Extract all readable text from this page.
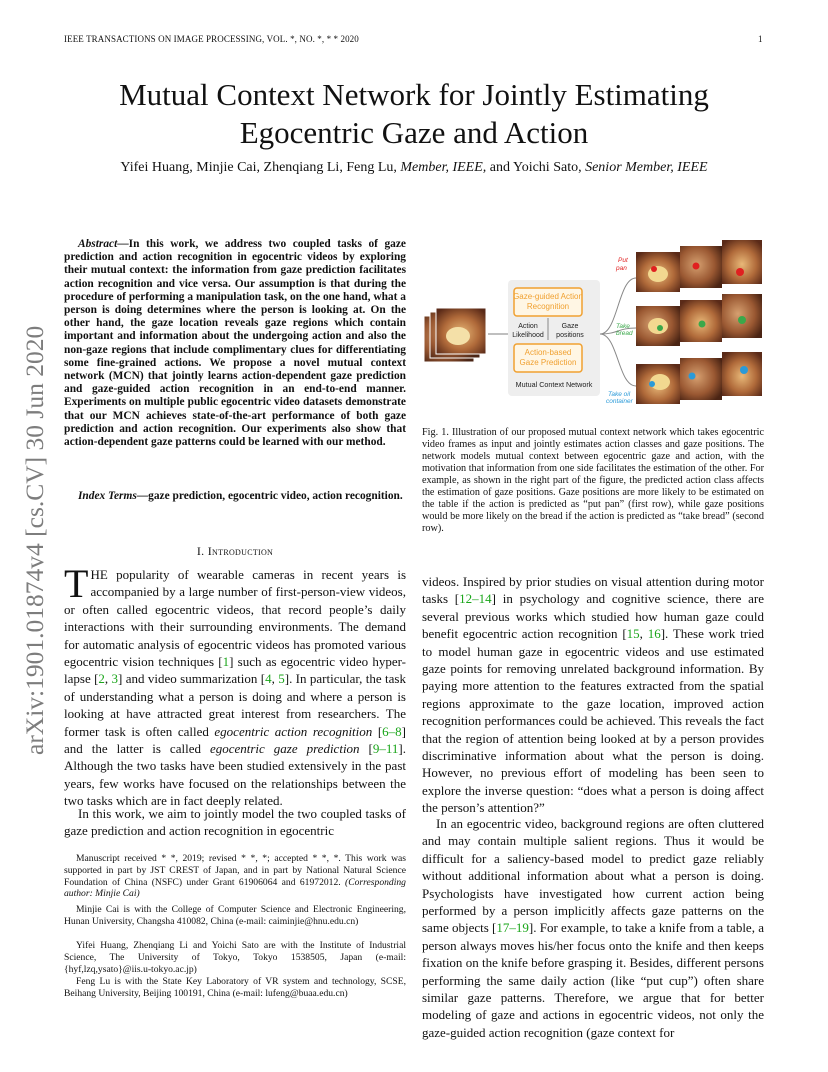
IEEE TRANSACTIONS ON IMAGE PROCESSING, VOL. *, NO. *, * * 2020	1
arXiv:1901.01874v4 [cs.CV] 30 Jun 2020
Mutual Context Network for Jointly Estimating Egocentric Gaze and Action
Yifei Huang, Minjie Cai, Zhenqiang Li, Feng Lu, Member, IEEE, and Yoichi Sato, Senior Member, IEEE
Abstract—In this work, we address two coupled tasks of gaze prediction and action recognition in egocentric videos by exploring their mutual context: the information from gaze prediction facilitates action recognition and vice versa. Our assumption is that during the procedure of performing a manipulation task, on the one hand, what a person is doing determines where the person is looking at. On the other hand, the gaze location reveals gaze regions which contain important and information about the undergoing action and also the non-gaze regions that include complimentary clues for differentiating some fine-grained actions. We propose a novel mutual context network (MCN) that jointly learns action-dependent gaze prediction and gaze-guided action recognition in an end-to-end manner. Experiments on multiple public egocentric video datasets demonstrate that our MCN achieves state-of-the-art performance of both gaze prediction and action recognition. Our experiments also show that action-dependent gaze patterns could be learned with our method.
Index Terms—gaze prediction, egocentric video, action recognition.
I. Introduction
THE popularity of wearable cameras in recent years is accompanied by a large number of first-person-view videos, or often called egocentric videos, that record people’s daily interactions with their surrounding environments. The demand for automatic analysis of egocentric videos has promoted various egocentric vision techniques [1] such as egocentric video hyper-lapse [2, 3] and video summarization [4, 5]. In particular, the task of understanding what a person is doing and where a person is looking at have attracted great interest from researchers. The former task is often called egocentric action recognition [6–8] and the latter is called egocentric gaze prediction [9–11]. Although the two tasks have been studied extensively in the past years, few works have focused on the relationships between the two tasks which are in fact deeply related.
In this work, we aim to jointly model the two coupled tasks of gaze prediction and action recognition in egocentric
Manuscript received * *, 2019; revised * *, *; accepted * *, *. This work was supported in part by JST CREST of Japan, and in part by National Natural Science Foundation of China (NSFC) under Grant 61906064 and 61972012. (Corresponding author: Minjie Cai)
Minjie Cai is with the College of Computer Science and Electronic Engineering, Hunan University, Changsha 410082, China (e-mail: caiminjie@hnu.edu.cn)
Yifei Huang, Zhenqiang Li and Yoichi Sato are with the Institute of Industrial Science, The University of Tokyo, Tokyo 1538505, Japan (e-mail: {hyf,lzq,ysato}@iis.u-tokyo.ac.jp)
Feng Lu is with the State Key Laboratory of VR system and technology, SCSE, Beihang University, Beijing 100191, China (e-mail: lufeng@buaa.edu.cn)
Gaze-guided Action Recognition
Action Likelihood
Gaze positions
Action-based Gaze Prediction
Mutual Context Network
Put pan
Take bread
Take oil container
Fig. 1. Illustration of our proposed mutual context network which takes egocentric video frames as input and jointly estimates action classes and gaze positions. The network models mutual context between egocentric gaze and action, with the motivation that information from one side facilitates the estimation of the other. For example, as shown in the right part of the figure, the predicted action class affects the estimation of gaze positions. Gaze positions are more likely to be estimated on the table if the action is predicted as “put pan” (first row), while gaze positions would be more likely on the bread if the action is predicted as “take bread” (second row).
videos. Inspired by prior studies on visual attention during motor tasks [12–14] in psychology and cognitive science, there are several previous works which studied how human gaze could benefit egocentric action recognition [15, 16]. These work tried to model human gaze in egocentric videos and use estimated gaze points for removing unrelated background information. By paying more attention to the features extracted from the spatial regions approximate to the gaze location, improved action recognition performances could be achieved. This reveals the fact that the region of attention being looked at by a person provides discriminative information about what the person is doing. However, no previous effort of modeling has been seen to explore the inverse question: “does what a person is doing affect the person’s attention?”
In an egocentric video, background regions are often cluttered and may contain multiple salient regions. Thus it would be difficult for a saliency-based model to predict gaze reliably without additional information about what a person is doing. Psychologists have investigated how current action being performed by a person implicitly affects gaze patterns on the same objects [17–19]. For example, to take a knife from a table, a person always moves his/her focus onto the knife and then keeps fixation on the knife before grasping it. Besides, different persons performing the same daily action (like “put cup”) often share similar gaze patterns. Therefore, we argue that for better modeling of gaze and actions in egocentric videos, not only the gaze-guided action recognition (gaze context for
